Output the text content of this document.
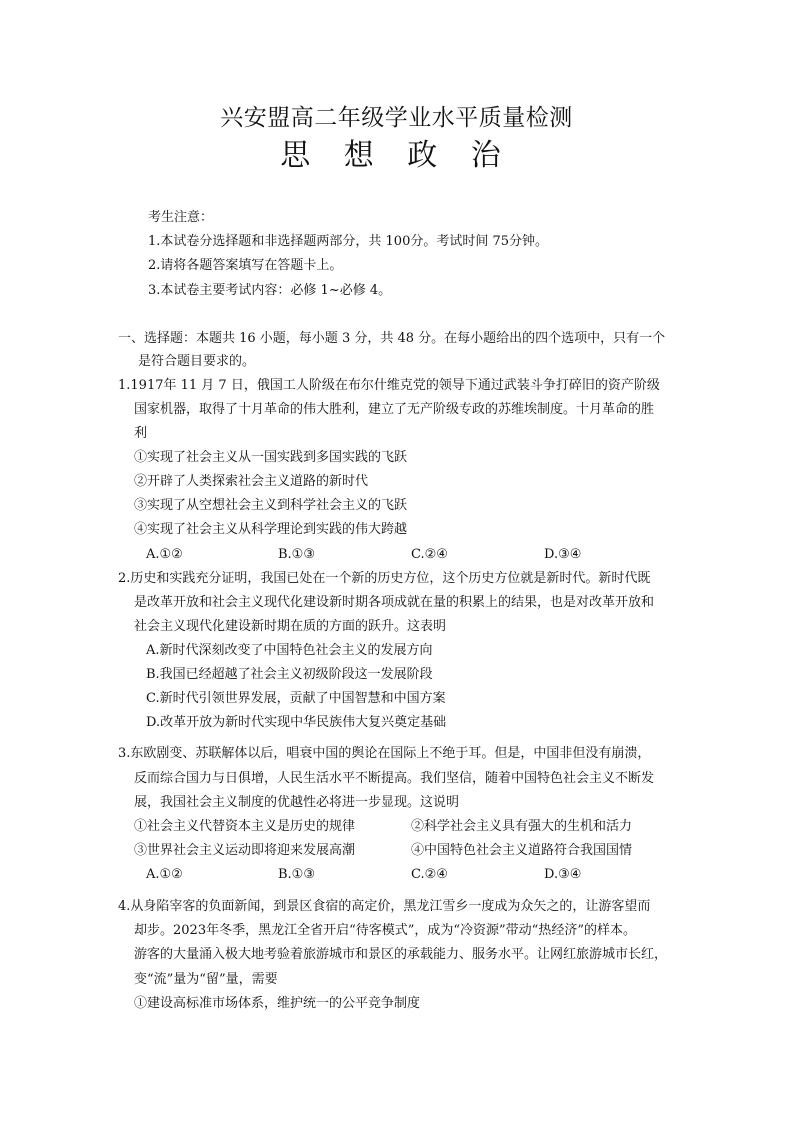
兴安盟高二年级学业水平质量检测
思 想 政 治
考生注意：
1.本试卷分选择题和非选择题两部分，共 100分。考试时间 75分钟。
2.请将各题答案填写在答题卡上。
3.本试卷主要考试内容：必修 1~必修 4。
一、选择题：本题共 16 小题，每小题 3 分，共 48 分。在每小题给出的四个选项中，只有一个
是符合题目要求的。
1.1917年 11 月 7 日，俄国工人阶级在布尔什维克党的领导下通过武装斗争打碎旧的资产阶级
国家机器，取得了十月革命的伟大胜利，建立了无产阶级专政的苏维埃制度。十月革命的胜
利
①实现了社会主义从一国实践到多国实践的飞跃
②开辟了人类探索社会主义道路的新时代
③实现了从空想社会主义到科学社会主义的飞跃
④实现了社会主义从科学理论到实践的伟大跨越
A.①②	B.①③	C.②④	D.③④
2.历史和实践充分证明，我国已处在一个新的历史方位，这个历史方位就是新时代。新时代既
是改革开放和社会主义现代化建设新时期各项成就在量的积累上的结果，也是对改革开放和
社会主义现代化建设新时期在质的方面的跃升。这表明
A.新时代深刻改变了中国特色社会主义的发展方向
B.我国已经超越了社会主义初级阶段这一发展阶段
C.新时代引领世界发展，贡献了中国智慧和中国方案
D.改革开放为新时代实现中华民族伟大复兴奠定基础
3.东欧剧变、苏联解体以后，唱衰中国的舆论在国际上不绝于耳。但是，中国非但没有崩溃，
反而综合国力与日俱增，人民生活水平不断提高。我们坚信，随着中国特色社会主义不断发
展，我国社会主义制度的优越性必将进一步显现。这说明
①社会主义代替资本主义是历史的规律	②科学社会主义具有强大的生机和活力
③世界社会主义运动即将迎来发展高潮	④中国特色社会主义道路符合我国国情
A.①②	B.①③	C.②④	D.③④
4.从身陷宰客的负面新闻，到景区食宿的高定价，黑龙江雪乡一度成为众矢之的，让游客望而
却步。2023年冬季，黑龙江全省开启“待客模式”，成为“冷资源”带动“热经济”的样本。
游客的大量涌入极大地考验着旅游城市和景区的承载能力、服务水平。让网红旅游城市长红，
变“流”量为“留”量，需要
①建设高标准市场体系，维护统一的公平竞争制度
